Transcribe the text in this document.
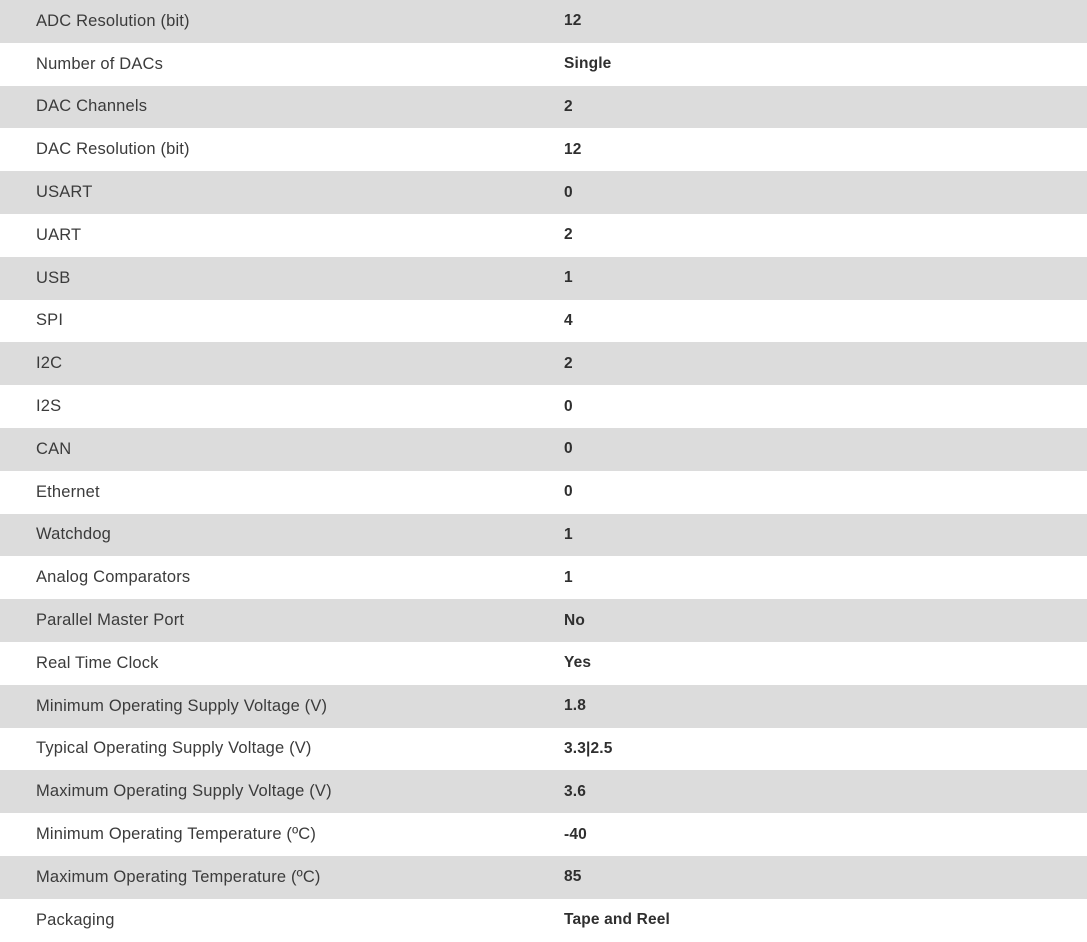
ADC Resolution (bit)	12
Number of DACs	Single
DAC Channels	2
DAC Resolution (bit)	12
USART	0
UART	2
USB	1
SPI	4
I2C	2
I2S	0
CAN	0
Ethernet	0
Watchdog	1
Analog Comparators	1
Parallel Master Port	No
Real Time Clock	Yes
Minimum Operating Supply Voltage (V)	1.8
Typical Operating Supply Voltage (V)	3.3|2.5
Maximum Operating Supply Voltage (V)	3.6
Minimum Operating Temperature (ºC)	-40
Maximum Operating Temperature (ºC)	85
Packaging	Tape and Reel
